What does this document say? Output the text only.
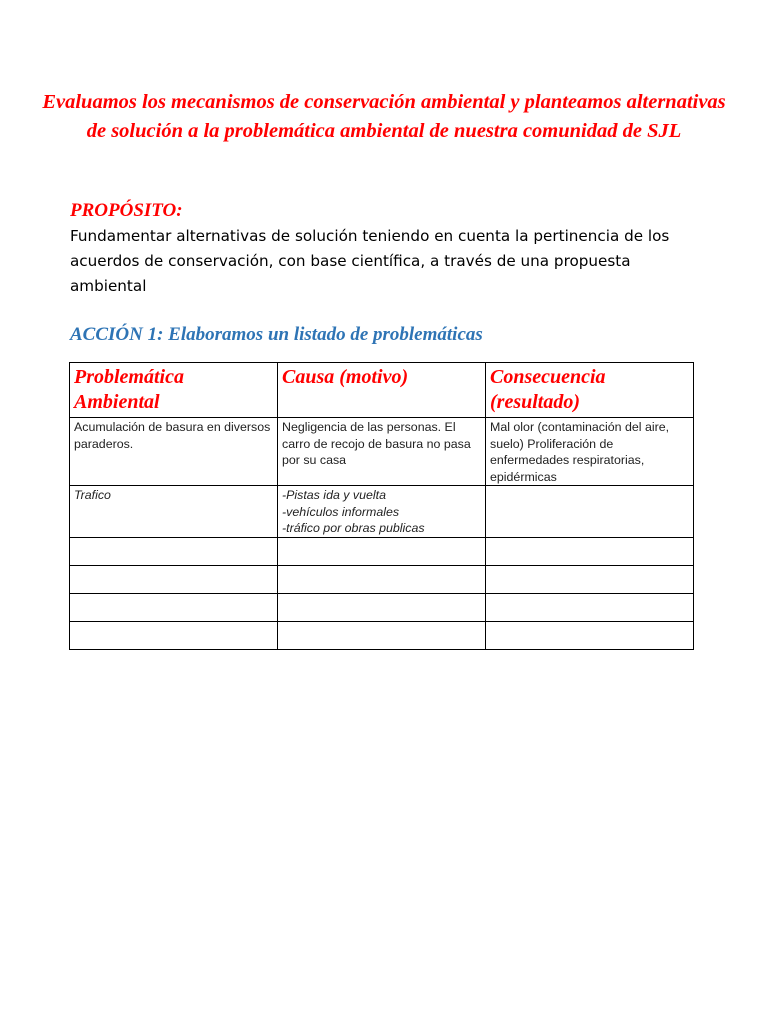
Evaluamos los mecanismos de conservación ambiental y planteamos alternativas de solución a la problemática ambiental de nuestra comunidad de SJL
PROPÓSITO:

Fundamentar alternativas de solución teniendo en cuenta la pertinencia de los acuerdos de conservación, con base científica, a través de una propuesta ambiental

ACCIÓN 1: Elaboramos un listado de problemáticas
Problemática Ambiental	Causa (motivo)	Consecuencia (resultado)
Acumulación de basura en diversos paraderos.	Negligencia de las personas. El carro de recojo de basura no pasa por su casa	Mal olor (contaminación del aire, suelo) Proliferación de enfermedades respiratorias, epidérmicas
Trafico	-Pistas ida y vuelta
-vehículos informales
-tráfico por obras publicas	
